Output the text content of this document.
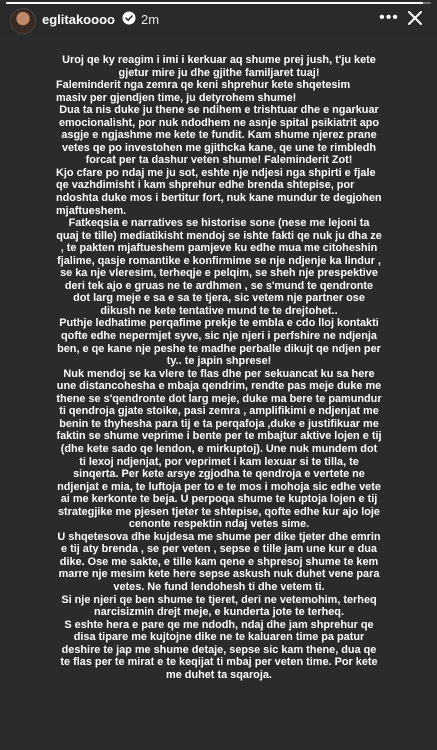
eglitakoooo 2m	•••

Uroj qe ky reagim i imi i kerkuar aq shume prej jush, t'ju kete gjetur mire ju dhe gjithe familjaret tuaj!

Faleminderit nga zemra qe keni shprehur kete shqetesim masiv per gjendjen time, ju detyrohem shume!

Dua ta nis duke ju thene se ndihem e trishtuar dhe e ngarkuar emocionalisht, por nuk ndodhem ne asnje spital psikiatrit apo asgje e ngjashme me kete te fundit. Kam shume njerez prane vetes qe po investohen me gjithcka kane, qe une te rimbledh forcat per ta dashur veten shume! Faleminderit Zot!

Kjo cfare po ndaj me ju sot, eshte nje ndjesi nga shpirti e fjale qe vazhdimisht i kam shprehur edhe brenda shtepise, por ndoshta duke mos i bertitur fort, nuk kane mundur te degjohen mjaftueshem.

Fatkeqsia e narratives se historise sone (nese me lejoni ta quaj te tille) mediatikisht mendoj se ishte fakti qe nuk ju dha ze , te pakten mjaftueshem pamjeve ku edhe mua me citoheshin fjalime, qasje romantike e konfirmime se nje ndjenje ka lindur , se ka nje vleresim, terheqje e pelqim, se sheh nje prespektive deri tek ajo e gruas ne te ardhmen , se s'mund te qendronte dot larg meje e sa e sa te tjera, sic vetem nje partner ose dikush ne kete tentative mund te te drejtohet..

Puthje ledhatime perqafime prekje te embla e cdo lloj kontakti qofte edhe nepermjet syve, sic nje njeri i perfshire ne ndjenja ben, e qe kane nje peshe te madhe perballe dikujt qe ndjen per ty.. te japin shprese!

Nuk mendoj se ka vlere te flas dhe per sekuancat ku sa here une distancohesha e mbaja qendrim, rendte pas meje duke me thene se s'qendronte dot larg meje, duke ma bere te pamundur ti qendroja gjate stoike, pasi zemra , amplifikimi e ndjenjat me benin te thyhesha para tij e ta perqafoja ,duke e justifikuar me faktin se shume veprime i bente per te mbajtur aktive lojen e tij (dhe kete sado qe lendon, e mirkuptoj). Une nuk mundem dot ti lexoj ndjenjat, por veprimet i kam lexuar si te tilla, te sinqerta. Per kete arsye zgjodha te qendroja e vertete ne ndjenjat e mia, te luftoja per to e te mos i mohoja sic edhe vete ai me kerkonte te beja. U perpoqa shume te kuptoja lojen e tij strategjike me pjesen tjeter te shtepise, qofte edhe kur ajo loje cenonte respektin ndaj vetes sime.

U shqetesova dhe kujdesa me shume per dike tjeter dhe emrin e tij aty brenda , se per veten , sepse e tille jam une kur e dua dike. Ose me sakte, e tille kam qene e shpresoj shume te kem marre nje mesim kete here sepse askush nuk duhet vene para vetes. Ne fund lendohesh ti dhe vetem ti.

Si nje njeri qe ben shume te tjeret, deri ne vetemohim, terheq narcisizmin drejt meje, e kunderta jote te terheq.

S eshte hera e pare qe me ndodh, ndaj dhe jam shprehur qe disa tipare me kujtojne dike ne te kaluaren time pa patur deshire te jap me shume detaje, sepse sic kam thene, dua qe te flas per te mirat e te keqijat ti mbaj per veten time. Por kete me duhet ta sqaroja.
